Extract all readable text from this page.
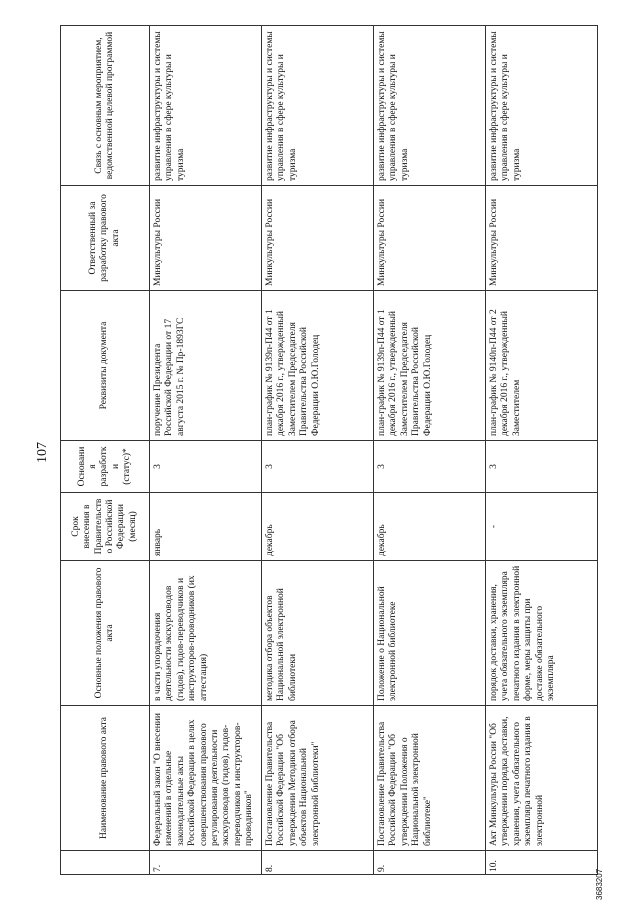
107
	Наименование правового акта	Основные положения правового акта	Срок внесения в Правительство Российской Федерации (месяц)	Основания разработки (статус)*	Реквизиты документа	Ответственный за разработку правового акта	Связь с основным мероприятием, ведомственной целевой программой
7.	Федеральный закон "О внесении изменений в отдельные законодательные акты Российской Федерации в целях совершенствования правового регулирования деятельности экскурсоводов (гидов), гидов-переводчиков и инструкторов-проводников"	в части упорядочения деятельности экскурсоводов (гидов), гидов-переводчиков и инструкторов-проводников (их аттестация)	январь	3	поручение Президента Российской Федерации от 17 августа 2015 г. № Пр-1893ГС	Минкультуры России	развитие инфраструктуры и системы управления в сфере культуры и туризма
8.	Постановление Правительства Российской Федерации "Об утверждении Методики отбора объектов Национальной электронной библиотеки"	методика отбора объектов Национальной электронной библиотеки	декабрь	3	план-график № 9139п-П44 от 1 декабря 2016 г., утвержденный Заместителем Председателя Правительства Российской Федерации О.Ю.Голодец	Минкультуры России	развитие инфраструктуры и системы управления в сфере культуры и туризма
9.	Постановление Правительства Российской Федерации "Об утверждении Положения о Национальной электронной библиотеке"	Положение о Национальной электронной библиотеке	декабрь	3	план-график № 9139п-П44 от 1 декабря 2016 г., утвержденный Заместителем Председателя Правительства Российской Федерации О.Ю.Голодец	Минкультуры России	развитие инфраструктуры и системы управления в сфере культуры и туризма
10.	Акт Минкультуры России "Об утверждении порядка доставки, хранения, учета обязательного экземпляра печатного издания в электронной	порядок доставки, хранения, учета обязательного экземпляра печатного издания в электронной форме, меры защиты при доставке обязательного экземпляра	-	3	план-график № 9140п-П44 от 2 декабря 2016 г., утвержденный Заместителем	Минкультуры России	развитие инфраструктуры и системы управления в сфере культуры и туризма
3683207
